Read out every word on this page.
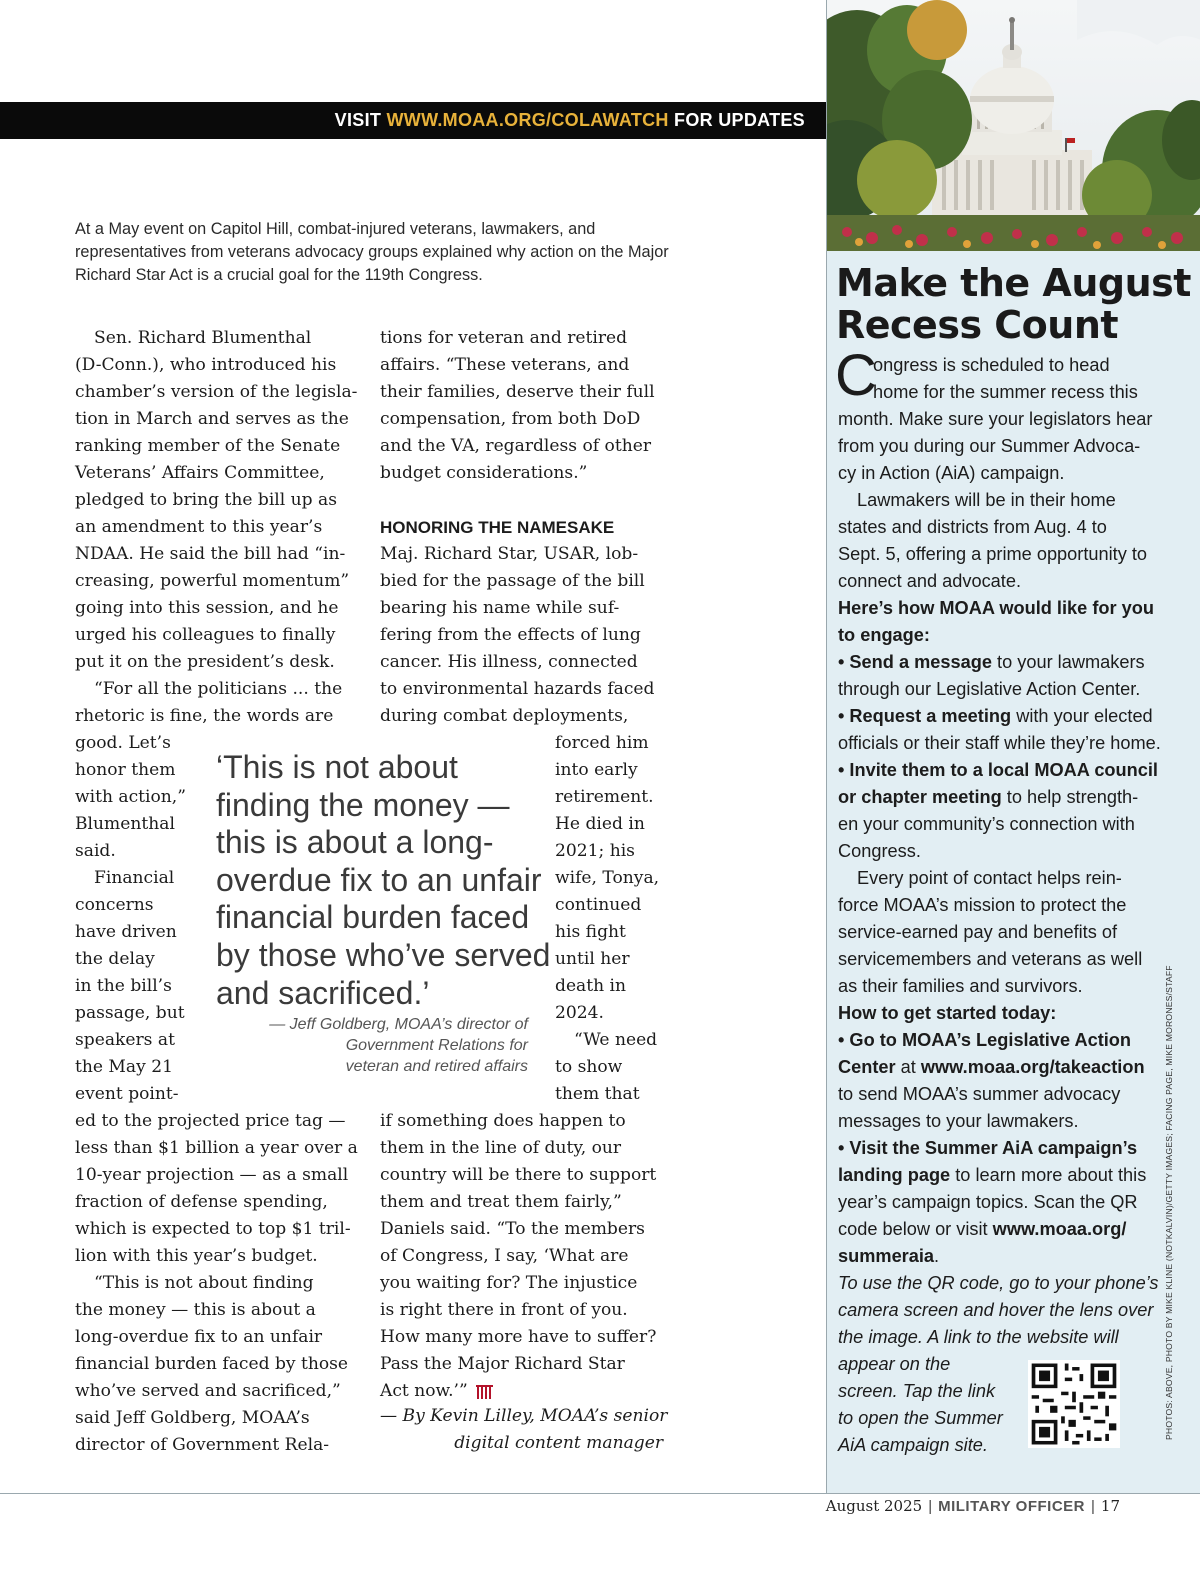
VISIT WWW.MOAA.ORG/COLAWATCH FOR UPDATES

At a May event on Capitol Hill, combat-injured veterans, lawmakers, and representatives from veterans advocacy groups explained why action on the Major Richard Star Act is a crucial goal for the 119th Congress.

Sen. Richard Blumenthal

(D-Conn.), who introduced his

chamber’s version of the legisla-

tion in March and serves as the

ranking member of the Senate

Veterans’ Affairs Committee,

pledged to bring the bill up as

an amendment to this year’s

NDAA. He said the bill had “in-

creasing, powerful momentum”

going into this session, and he

urged his colleagues to finally

put it on the president’s desk.

“For all the politicians ... the

rhetoric is fine, the words are

good. Let’s

honor them

with action,”

Blumenthal

said.

Financial

concerns

have driven

the delay

in the bill’s

passage, but

speakers at

the May 21

event point-

ed to the projected price tag —

less than $1 billion a year over a

10-year projection — as a small

fraction of defense spending,

which is expected to top $1 tril-

lion with this year’s budget.

“This is not about finding

the money — this is about a

long-overdue fix to an unfair

financial burden faced by those

who’ve served and sacrificed,”

said Jeff Goldberg, MOAA’s

director of Government Rela-

tions for veteran and retired

affairs. “These veterans, and

their families, deserve their full

compensation, from both DoD

and the VA, regardless of other

budget considerations.”

HONORING THE NAMESAKE

Maj. Richard Star, USAR, lob-

bied for the passage of the bill

bearing his name while suf-

fering from the effects of lung

cancer. His illness, connected

to environmental hazards faced

during combat deployments,

forced him

into early

retirement.

He died in

2021; his

wife, Tonya,

continued

his fight

until her

death in

2024.

“We need

to show

them that

if something does happen to

them in the line of duty, our

country will be there to support

them and treat them fairly,”

Daniels said. “To the members

of Congress, I say, ‘What are

you waiting for? The injustice

is right there in front of you.

How many more have to suffer?

Pass the Major Richard Star

Act now.’”

— By Kevin Lilley, MOAA’s senior

digital content manager

‘This is not about

finding the money —

this is about a long-

overdue fix to an unfair

financial burden faced

by those who’ve served

and sacrificed.’

— Jeff Goldberg, MOAA’s director of

Government Relations for

veteran and retired affairs

Make the August

Recess Count

C

ongress is scheduled to head

home for the summer recess this

month. Make sure your legislators hear

from you during our Summer Advoca-

cy in Action (AiA) campaign.

Lawmakers will be in their home

states and districts from Aug. 4 to

Sept. 5, offering a prime opportunity to

connect and advocate.

Here’s how MOAA would like for you

to engage:

• Send a message to your lawmakers

through our Legislative Action Center.

• Request a meeting with your elected

officials or their staff while they’re home.

• Invite them to a local MOAA council

or chapter meeting to help strength-

en your community’s connection with

Congress.

Every point of contact helps rein-

force MOAA’s mission to protect the

service-earned pay and benefits of

servicemembers and veterans as well

as their families and survivors.

How to get started today:

• Go to MOAA’s Legislative Action

Center at www.moaa.org/takeaction

to send MOAA’s summer advocacy

messages to your lawmakers.

• Visit the Summer AiA campaign’s

landing page to learn more about this

year’s campaign topics. Scan the QR

code below or visit www.moaa.org/

summeraia.

To use the QR code, go to your phone’s

camera screen and hover the lens over

the image. A link to the website will

appear on the

screen. Tap the link

to open the Summer

AiA campaign site.

PHOTOS: ABOVE, PHOTO BY MIKE KLINE (NOTKALVIN)/GETTY IMAGES; FACING PAGE, MIKE MORONES/STAFF
August 2025 | MILITARY OFFICER | 17
